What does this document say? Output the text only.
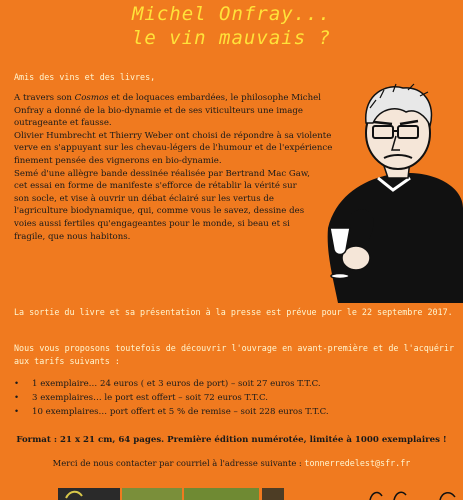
Michel Onfray...
le vin mauvais ?
Amis des vins et des livres,

A travers son Cosmos et de loquaces embardées, le philosophe Michel Onfray a donné de la bio-dynamie et de ses viticulteurs une image outrageante et fausse.

Olivier Humbrecht et Thierry Weber ont choisi de répondre à sa violente verve en s'appuyant sur les chevau-légers de l'humour et de l'expérience finement pensée des vignerons en bio-dynamie.

Semé d'une allègre bande dessinée réalisée par Bertrand Mac Gaw, cet essai en forme de manifeste s'efforce de rétablir la vérité sur son socle, et vise à ouvrir un débat éclairé sur les vertus de l'agriculture biodynamique, qui, comme vous le savez, dessine des voies aussi fertiles qu'engageantes pour le monde, si beau et si fragile, que nous habitons.

La sortie du livre et sa présentation à la presse est prévue pour le 22 septembre 2017.
Nous vous proposons toutefois de découvrir l'ouvrage en avant-première et de l'acquérir aux tarifs suivants :
• 1 exemplaire… 24 euros ( et 3 euros de port) – soit 27 euros T.T.C.
• 3 exemplaires… le port est offert – soit 72 euros T.T.C.
• 10 exemplaires… port offert et 5 % de remise – soit 228 euros T.T.C.
Format : 21 x 21 cm, 64 pages. Première édition numérotée, limitée à 1000 exemplaires !
Merci de nous contacter par courriel à l'adresse suivante : tonnerredelest@sfr.fr
